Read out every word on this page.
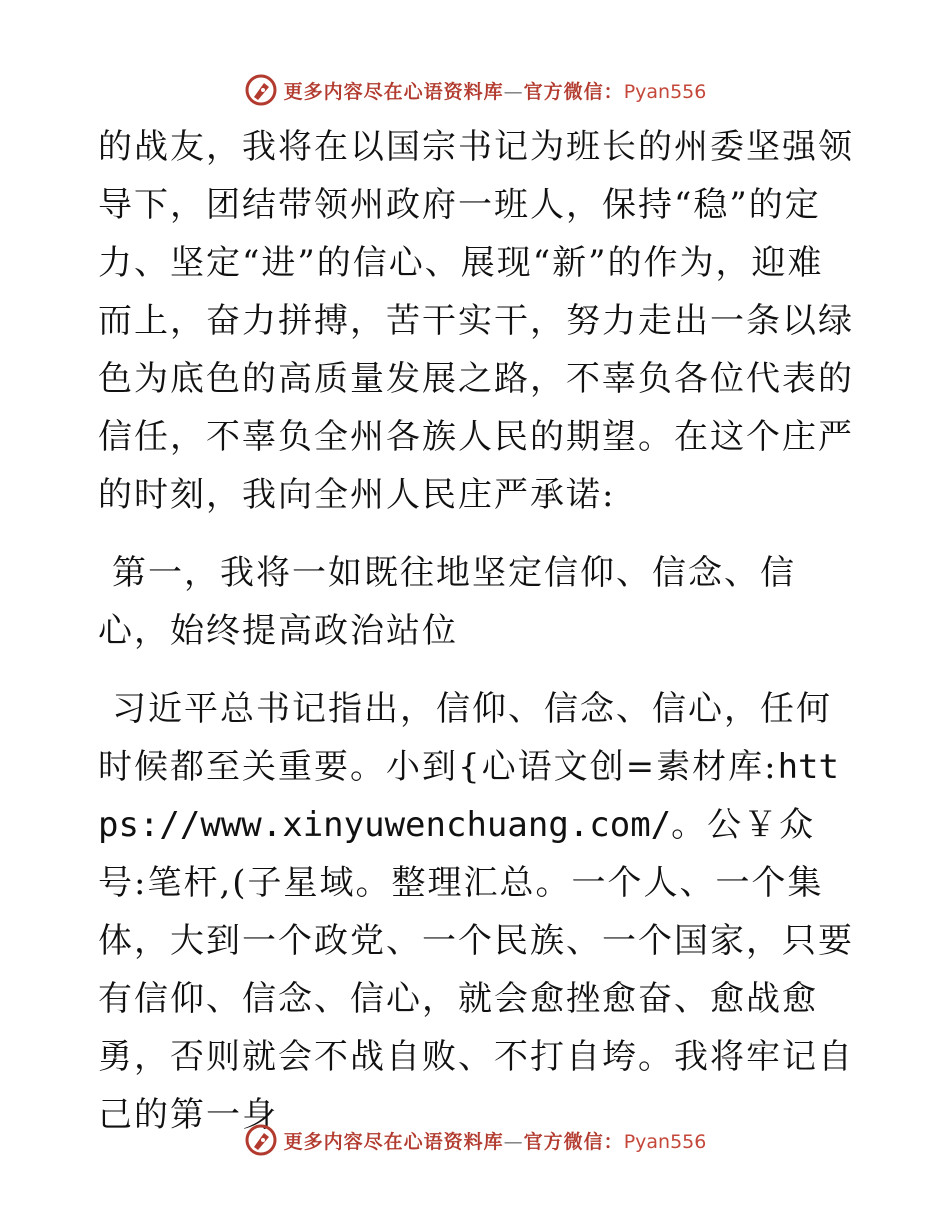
更多内容尽在心语资料库—官方微信：Pyan556

的战友，我将在以国宗书记为班长的州委坚强领导下，团结带领州政府一班人，保持“稳”的定力、坚定“进”的信心、展现“新”的作为，迎难而上，奋力拼搏，苦干实干，努力走出一条以绿色为底色的高质量发展之路，不辜负各位代表的信任，不辜负全州各族人民的期望。在这个庄严的时刻，我向全州人民庄严承诺:

第一，我将一如既往地坚定信仰、信念、信心，始终提高政治站位

习近平总书记指出，信仰、信念、信心，任何时候都至关重要。小到{心语文创=素材库:https://www.xinyuwenchuang.com/。公￥众号:笔杆,(子星域。整理汇总。一个人、一个集体，大到一个政党、一个民族、一个国家，只要有信仰、信念、信心，就会愈挫愈奋、愈战愈勇，否则就会不战自败、不打自垮。我将牢记自己的第一身

更多内容尽在心语资料库—官方微信：Pyan556
